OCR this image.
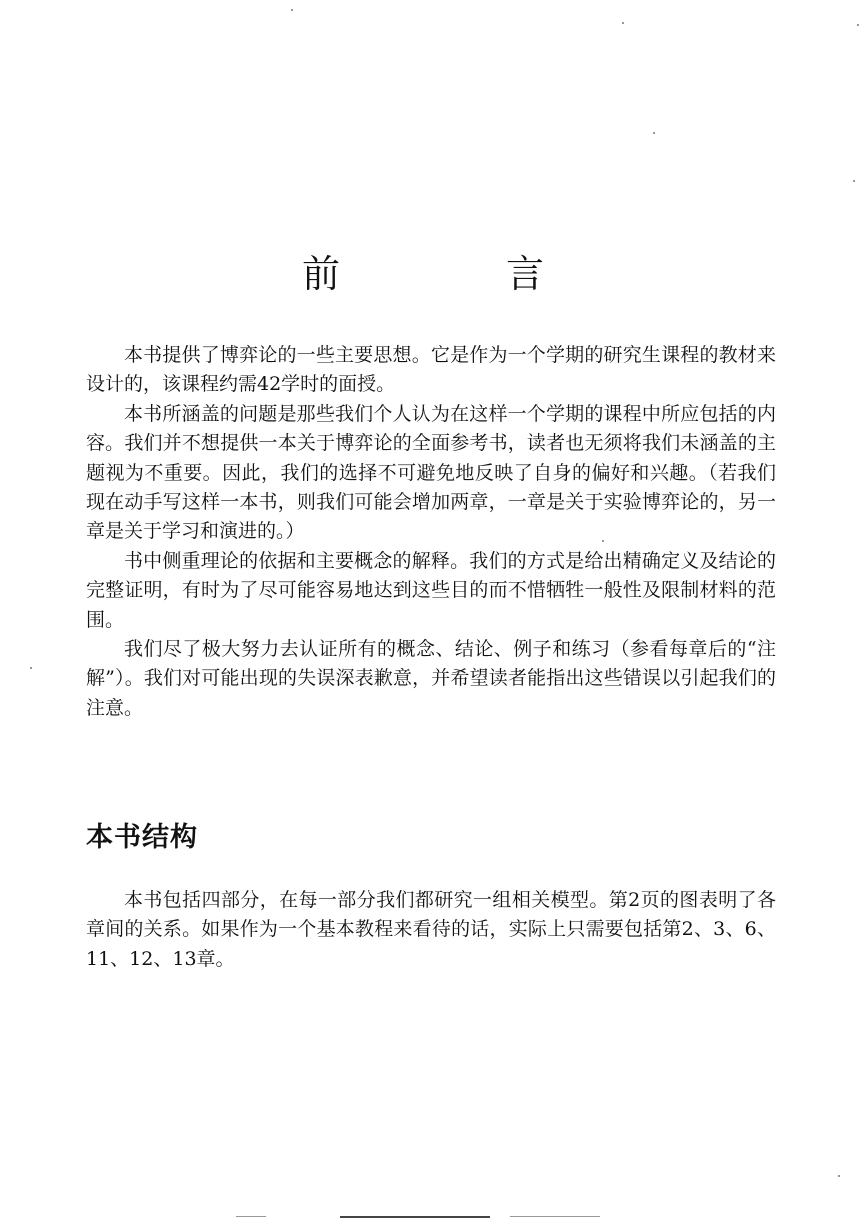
前　言

本书提供了博弈论的一些主要思想。它是作为一个学期的研究生课程的教材来设计的，该课程约需42学时的面授。

本书所涵盖的问题是那些我们个人认为在这样一个学期的课程中所应包括的内容。我们并不想提供一本关于博弈论的全面参考书，读者也无须将我们未涵盖的主题视为不重要。因此，我们的选择不可避免地反映了自身的偏好和兴趣。（若我们现在动手写这样一本书，则我们可能会增加两章，一章是关于实验博弈论的，另一章是关于学习和演进的。）

书中侧重理论的依据和主要概念的解释。我们的方式是给出精确定义及结论的完整证明，有时为了尽可能容易地达到这些目的而不惜牺牲一般性及限制材料的范围。

我们尽了极大努力去认证所有的概念、结论、例子和练习（参看每章后的“注解”）。我们对可能出现的失误深表歉意，并希望读者能指出这些错误以引起我们的注意。

本书结构

本书包括四部分，在每一部分我们都研究一组相关模型。第2页的图表明了各章间的关系。如果作为一个基本教程来看待的话，实际上只需要包括第2、3、6、11、12、13章。
